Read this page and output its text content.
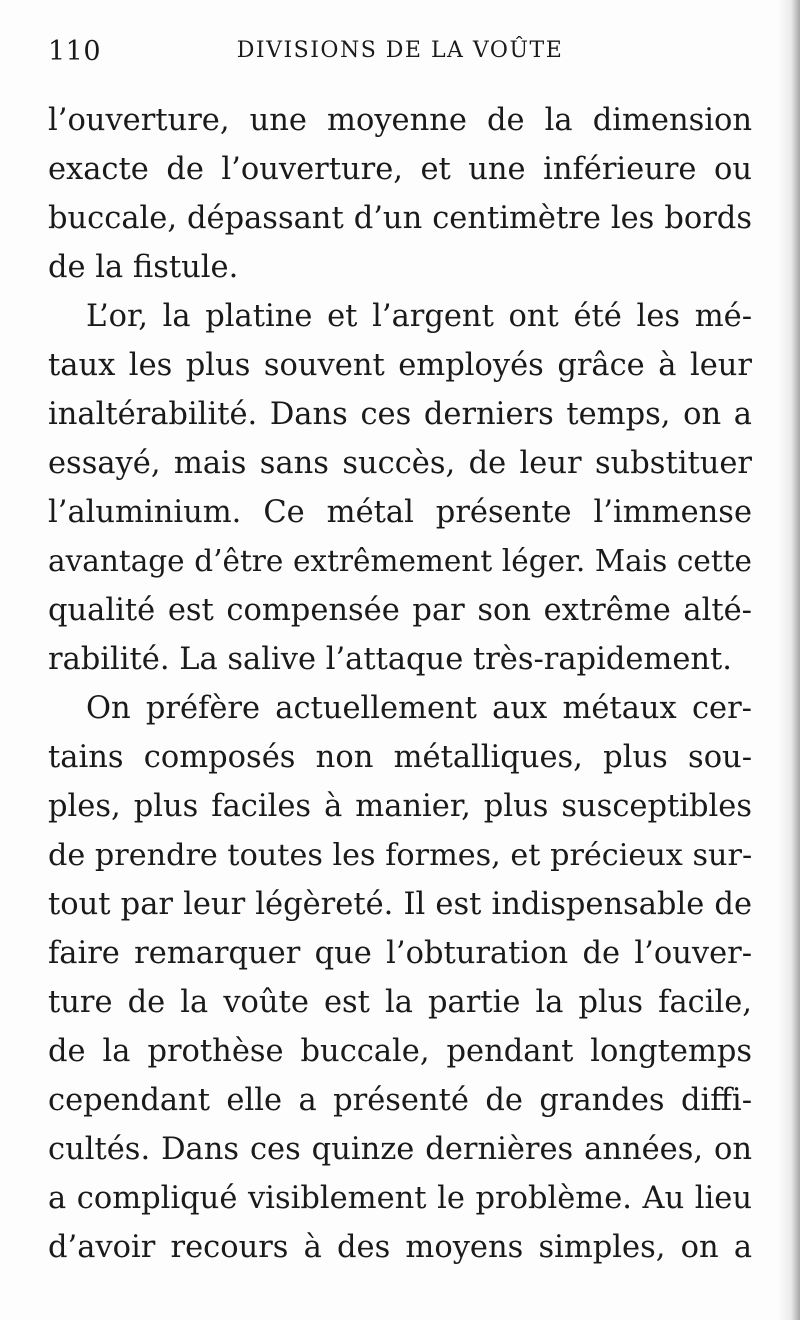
110	DIVISIONS DE LA VOÛTE
l’ouverture, une moyenne de la dimension
exacte de l’ouverture, et une inférieure ou
buccale, dépassant d’un centimètre les bords
de la fistule.
L’or, la platine et l’argent ont été les mé-
taux les plus souvent employés grâce à leur
inaltérabilité. Dans ces derniers temps, on a
essayé, mais sans succès, de leur substituer
l’aluminium. Ce métal présente l’immense
avantage d’être extrêmement léger. Mais cette
qualité est compensée par son extrême alté-
rabilité. La salive l’attaque très-rapidement.
On préfère actuellement aux métaux cer-
tains composés non métalliques, plus sou-
ples, plus faciles à manier, plus susceptibles
de prendre toutes les formes, et précieux sur-
tout par leur légèreté. Il est indispensable de
faire remarquer que l’obturation de l’ouver-
ture de la voûte est la partie la plus facile,
de la prothèse buccale, pendant longtemps
cependant elle a présenté de grandes diffi-
cultés. Dans ces quinze dernières années, on
a compliqué visiblement le problème. Au lieu
d’avoir recours à des moyens simples, on a
